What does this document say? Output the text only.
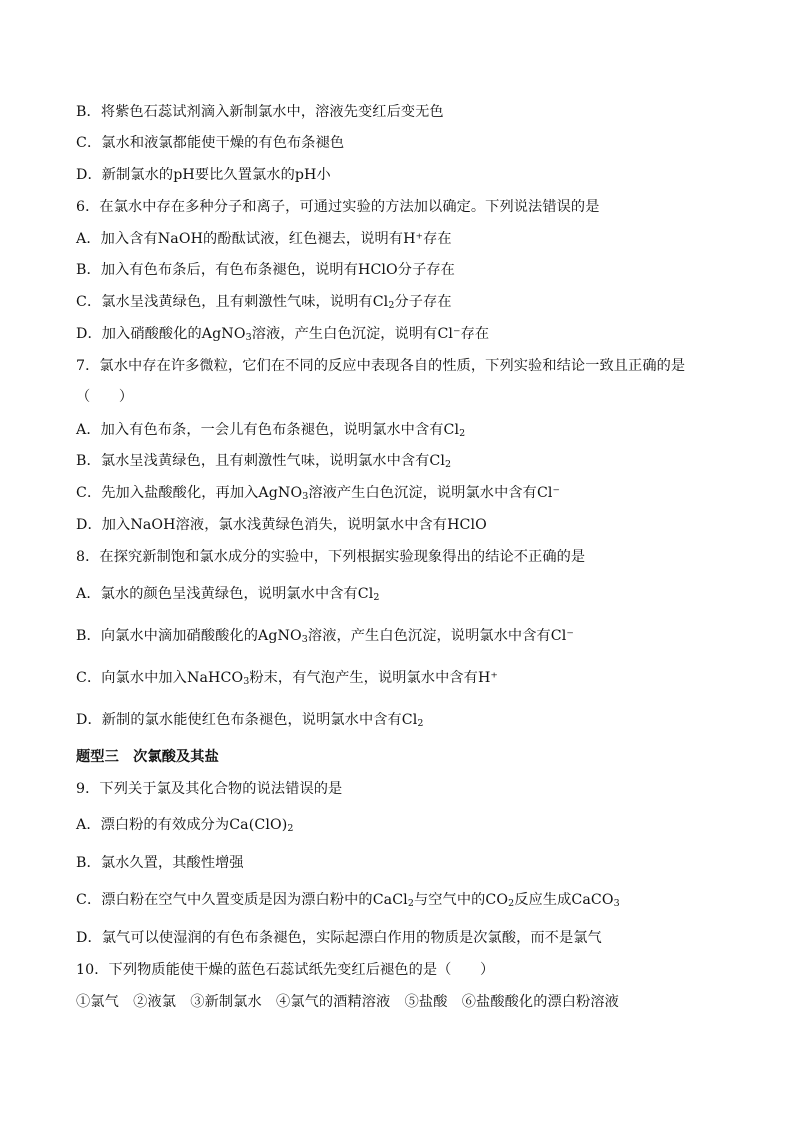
B．将紫色石蕊试剂滴入新制氯水中，溶液先变红后变无色
C．氯水和液氯都能使干燥的有色布条褪色
D．新制氯水的pH要比久置氯水的pH小
6．在氯水中存在多种分子和离子，可通过实验的方法加以确定。下列说法错误的是
A．加入含有NaOH的酚酞试液，红色褪去，说明有H⁺存在
B．加入有色布条后，有色布条褪色，说明有HClO分子存在
C．氯水呈浅黄绿色，且有刺激性气味，说明有$Cl_2$分子存在
D．加入硝酸酸化的AgNO$_3$溶液，产生白色沉淀，说明有Cl⁻存在
7．氯水中存在许多微粒，它们在不同的反应中表现各自的性质，下列实验和结论一致且正确的是
（　　）
A．加入有色布条，一会儿有色布条褪色，说明氯水中含有$Cl_2$
B．氯水呈浅黄绿色，且有刺激性气味，说明氯水中含有$Cl_2$
C．先加入盐酸酸化，再加入AgNO$_3$溶液产生白色沉淀，说明氯水中含有Cl⁻
D．加入NaOH溶液，氯水浅黄绿色消失，说明氯水中含有HClO
8．在探究新制饱和氯水成分的实验中，下列根据实验现象得出的结论不正确的是
A．氯水的颜色呈浅黄绿色，说明氯水中含有$Cl_2$
B．向氯水中滴加硝酸酸化的AgNO$_3$溶液，产生白色沉淀，说明氯水中含有Cl⁻
C．向氯水中加入NaHCO$_3$粉末，有气泡产生，说明氯水中含有H⁺
D．新制的氯水能使红色布条褪色，说明氯水中含有$Cl_2$
题型三　次氯酸及其盐
9．下列关于氯及其化合物的说法错误的是
A．漂白粉的有效成分为$Ca(ClO)_2$
B．氯水久置，其酸性增强
C．漂白粉在空气中久置变质是因为漂白粉中的CaCl$_2$与空气中的$CO_2$反应生成CaCO$_3$
D．氯气可以使湿润的有色布条褪色，实际起漂白作用的物质是次氯酸，而不是氯气
10．下列物质能使干燥的蓝色石蕊试纸先变红后褪色的是（　　）
①氯气　②液氯　③新制氯水　④氯气的酒精溶液　⑤盐酸　⑥盐酸酸化的漂白粉溶液
